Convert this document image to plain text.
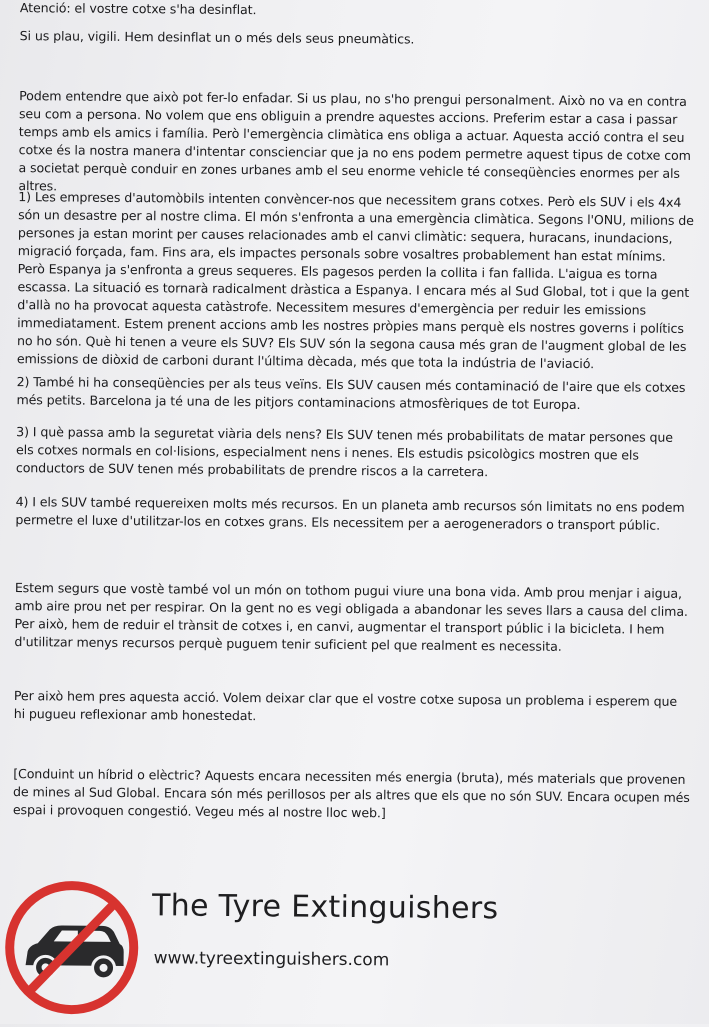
Atenció: el vostre cotxe s'ha desinflat.

Si us plau, vigili. Hem desinflat un o més dels seus pneumàtics.

Podem entendre que això pot fer-lo enfadar. Si us plau, no s'ho prengui personalment. Això no va en contra seu com a persona. No volem que ens obliguin a prendre aquestes accions. Preferim estar a casa i passar temps amb els amics i família. Però l'emergència climàtica ens obliga a actuar. Aquesta acció contra el seu cotxe és la nostra manera d'intentar conscienciar que ja no ens podem permetre aquest tipus de cotxe com a societat perquè conduir en zones urbanes amb el seu enorme vehicle té conseqüències enormes per als altres.

1) Les empreses d'automòbils intenten convèncer-nos que necessitem grans cotxes. Però els SUV i els 4x4 són un desastre per al nostre clima. El món s'enfronta a una emergència climàtica. Segons l'ONU, milions de persones ja estan morint per causes relacionades amb el canvi climàtic: sequera, huracans, inundacions, migració forçada, fam. Fins ara, els impactes personals sobre vosaltres probablement han estat mínims. Però Espanya ja s'enfronta a greus sequeres. Els pagesos perden la collita i fan fallida. L'aigua es torna escassa. La situació es tornarà radicalment dràstica a Espanya. I encara més al Sud Global, tot i que la gent d'allà no ha provocat aquesta catàstrofe. Necessitem mesures d'emergència per reduir les emissions immediatament. Estem prenent accions amb les nostres pròpies mans perquè els nostres governs i polítics no ho són. Què hi tenen a veure els SUV? Els SUV són la segona causa més gran de l'augment global de les emissions de diòxid de carboni durant l'última dècada, més que tota la indústria de l'aviació.

2) També hi ha conseqüències per als teus veïns. Els SUV causen més contaminació de l'aire que els cotxes més petits. Barcelona ja té una de les pitjors contaminacions atmosfèriques de tot Europa.

3) I què passa amb la seguretat viària dels nens? Els SUV tenen més probabilitats de matar persones que els cotxes normals en col·lisions, especialment nens i nenes. Els estudis psicològics mostren que els conductors de SUV tenen més probabilitats de prendre riscos a la carretera.

4) I els SUV també requereixen molts més recursos. En un planeta amb recursos són limitats no ens podem permetre el luxe d'utilitzar-los en cotxes grans. Els necessitem per a aerogeneradors o transport públic.

Estem segurs que vostè també vol un món on tothom pugui viure una bona vida. Amb prou menjar i aigua, amb aire prou net per respirar. On la gent no es vegi obligada a abandonar les seves llars a causa del clima. Per això, hem de reduir el trànsit de cotxes i, en canvi, augmentar el transport públic i la bicicleta. I hem d'utilitzar menys recursos perquè puguem tenir suficient pel que realment es necessita.

Per això hem pres aquesta acció. Volem deixar clar que el vostre cotxe suposa un problema i esperem que hi pugueu reflexionar amb honestedat.

[Conduint un híbrid o elèctric? Aquests encara necessiten més energia (bruta), més materials que provenen de mines al Sud Global. Encara són més perillosos per als altres que els que no són SUV. Encara ocupen més espai i provoquen congestió. Vegeu més al nostre lloc web.]

The Tyre Extinguishers
www.tyreextinguishers.com
